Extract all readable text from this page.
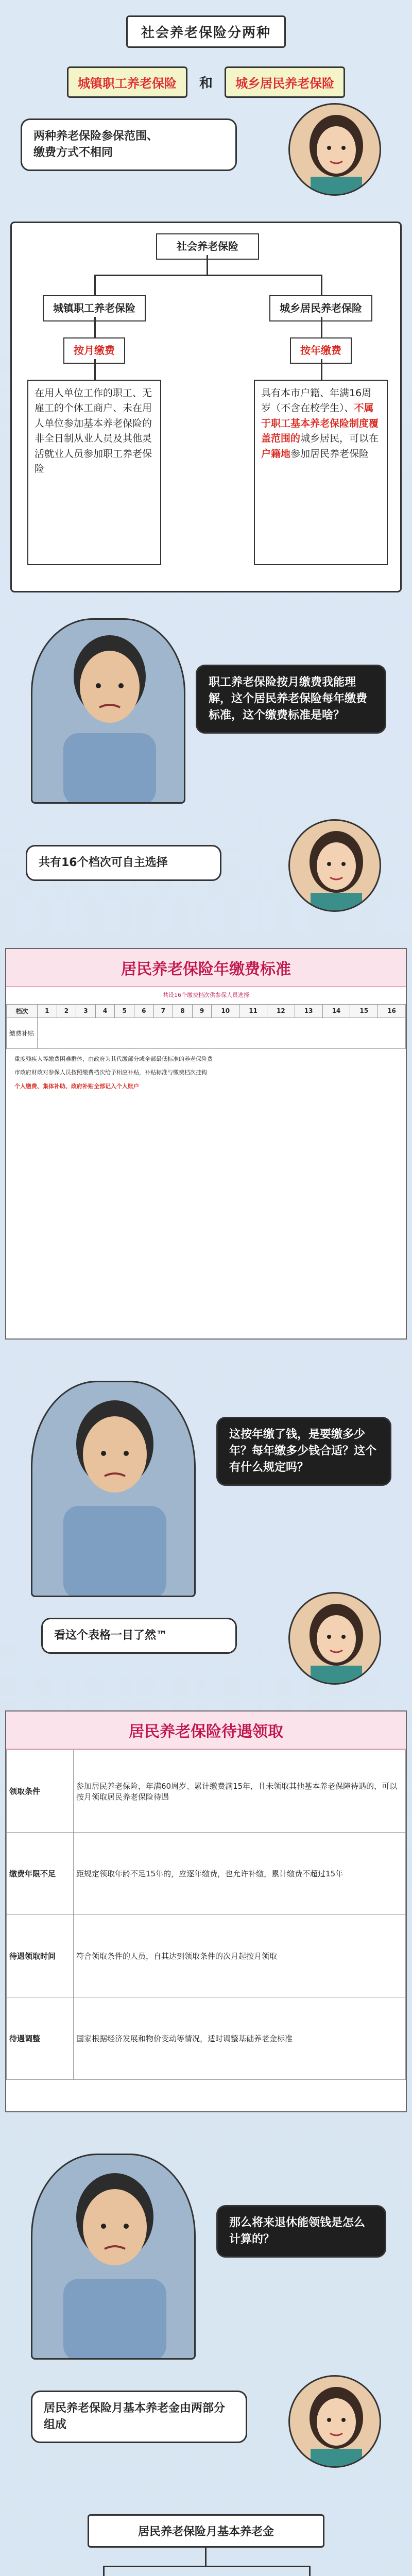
社会养老保险分两种
城镇职工养老保险 和 城乡居民养老保险
两种养老保险参保范围、
缴费方式不相同
社会养老保险
城镇职工养老保险	城乡居民养老保险
按月缴费	按年缴费
在用人单位工作的职工、无雇工的个体工商户、未在用人单位参加基本养老保险的非全日制从业人员及其他灵活就业人员参加职工养老保险
具有本市户籍、年满16周岁（不含在校学生）、不属于职工基本养老保险制度覆盖范围的城乡居民，可以在户籍地参加居民养老保险
职工养老保险按月缴费我能理解，这个居民养老保险每年缴费标准，这个缴费标准是啥？
共有16个档次可自主选择
居民养老保险年缴费标准
共设16个缴费档次供参保人员选择
档次	1	2	3	4	5	6	7	8	9	10	11	12	13	14	15	16
缴费补贴																
重度残疾人等缴费困难群体，由政府为其代缴部分或全部最低标准的养老保险费
市政府财政对参保人员按照缴费档次给予相应补贴，补贴标准与缴费档次挂钩
个人缴费、集体补助、政府补贴全部记入个人账户
这按年缴了钱，是要缴多少年？每年缴多少钱合适？这个有什么规定吗？
看这个表格一目了然™
居民养老保险待遇领取
领取条件	参加居民养老保险，年满60周岁、累计缴费满15年，且未领取其他基本养老保障待遇的，可以按月领取居民养老保险待遇
缴费年限不足	距规定领取年龄不足15年的，应逐年缴费，也允许补缴，累计缴费不超过15年
待遇领取时间	符合领取条件的人员，自其达到领取条件的次月起按月领取
待遇调整	国家根据经济发展和物价变动等情况，适时调整基础养老金标准
那么将来退休能领钱是怎么计算的？
居民养老保险月基本养老金由两部分组成
居民养老保险月基本养老金
